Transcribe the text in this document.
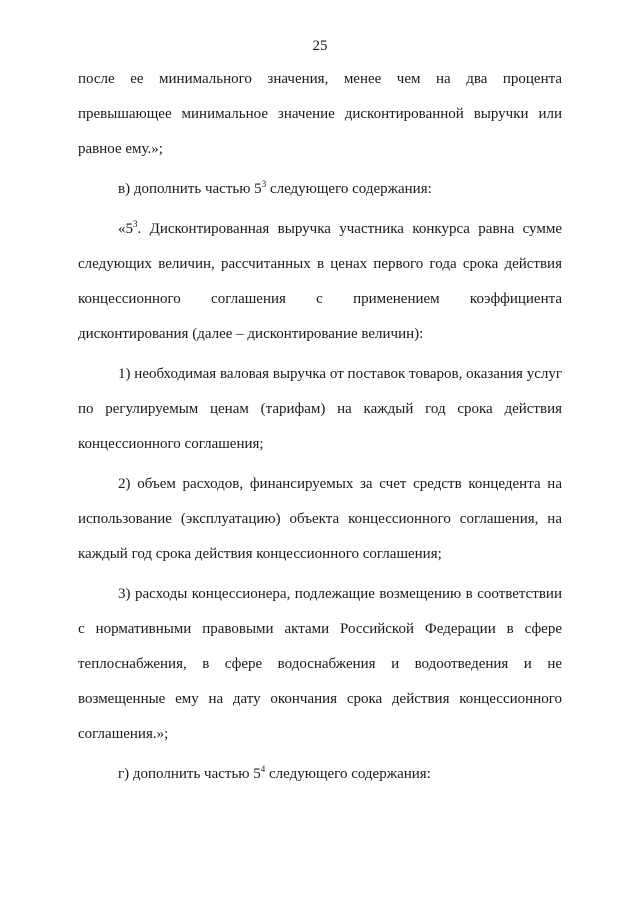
25

после ее минимального значения, менее чем на два процента
превышающее минимальное значение дисконтированной выручки или
равное ему.»;

в) дополнить частью $5^3$ следующего содержания:

«$5^3$. Дисконтированная выручка участника конкурса равна сумме
следующих величин, рассчитанных в ценах первого года срока действия
концессионного соглашения с применением коэффициента
дисконтирования (далее – дисконтирование величин):

1) необходимая валовая выручка от поставок товаров, оказания услуг
по регулируемым ценам (тарифам) на каждый год срока действия
концессионного соглашения;

2) объем расходов, финансируемых за счет средств концедента на
использование (эксплуатацию) объекта концессионного соглашения, на
каждый год срока действия концессионного соглашения;

3) расходы концессионера, подлежащие возмещению в соответствии
с нормативными правовыми актами Российской Федерации в сфере
теплоснабжения, в сфере водоснабжения и водоотведения и не
возмещенные ему на дату окончания срока действия концессионного
соглашения.»;

г) дополнить частью $5^4$ следующего содержания:
